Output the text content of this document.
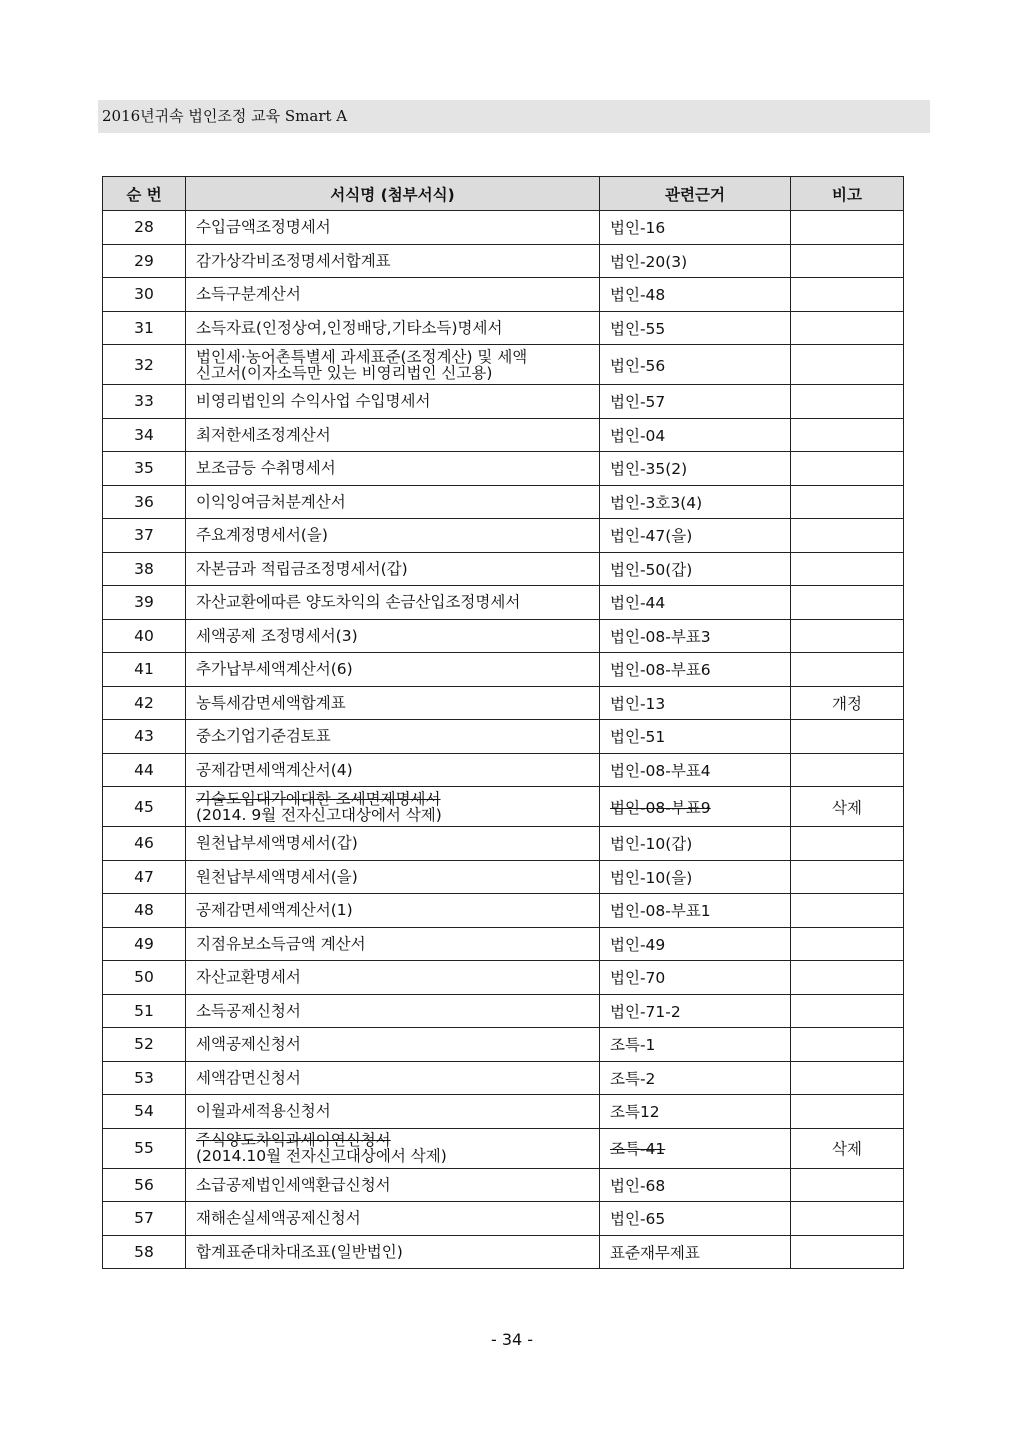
2016년귀속 법인조정 교육 Smart A
순 번	서식명 (첨부서식)	관련근거	비고
28	수입금액조정명세서	법인-16	
29	감가상각비조정명세서합계표	법인-20(3)	
30	소득구분계산서	법인-48	
31	소득자료(인정상여,인정배당,기타소득)명세서	법인-55	
32	법인세·농어촌특별세 과세표준(조정계산) 및 세액
신고서(이자소득만 있는 비영리법인 신고용)	법인-56	
33	비영리법인의 수익사업 수입명세서	법인-57	
34	최저한세조정계산서	법인-04	
35	보조금등 수취명세서	법인-35(2)	
36	이익잉여금처분계산서	법인-3호3(4)	
37	주요계정명세서(을)	법인-47(을)	
38	자본금과 적립금조정명세서(갑)	법인-50(갑)	
39	자산교환에따른 양도차익의 손금산입조정명세서	법인-44	
40	세액공제 조정명세서(3)	법인-08-부표3	
41	추가납부세액계산서(6)	법인-08-부표6	
42	농특세감면세액합계표	법인-13	개정
43	중소기업기준검토표	법인-51	
44	공제감면세액계산서(4)	법인-08-부표4	
45	기술도입대가에대한 조세면제명세서
(2014. 9월 전자신고대상에서 삭제)	법인-08-부표9	삭제
46	원천납부세액명세서(갑)	법인-10(갑)	
47	원천납부세액명세서(을)	법인-10(을)	
48	공제감면세액계산서(1)	법인-08-부표1	
49	지점유보소득금액 계산서	법인-49	
50	자산교환명세서	법인-70	
51	소득공제신청서	법인-71-2	
52	세액공제신청서	조특-1	
53	세액감면신청서	조특-2	
54	이월과세적용신청서	조특12	
55	주식양도차익과세이연신청서
(2014.10월 전자신고대상에서 삭제)	조특-41	삭제
56	소급공제법인세액환급신청서	법인-68	
57	재해손실세액공제신청서	법인-65	
58	합계표준대차대조표(일반법인)	표준재무제표	
- 34 -
